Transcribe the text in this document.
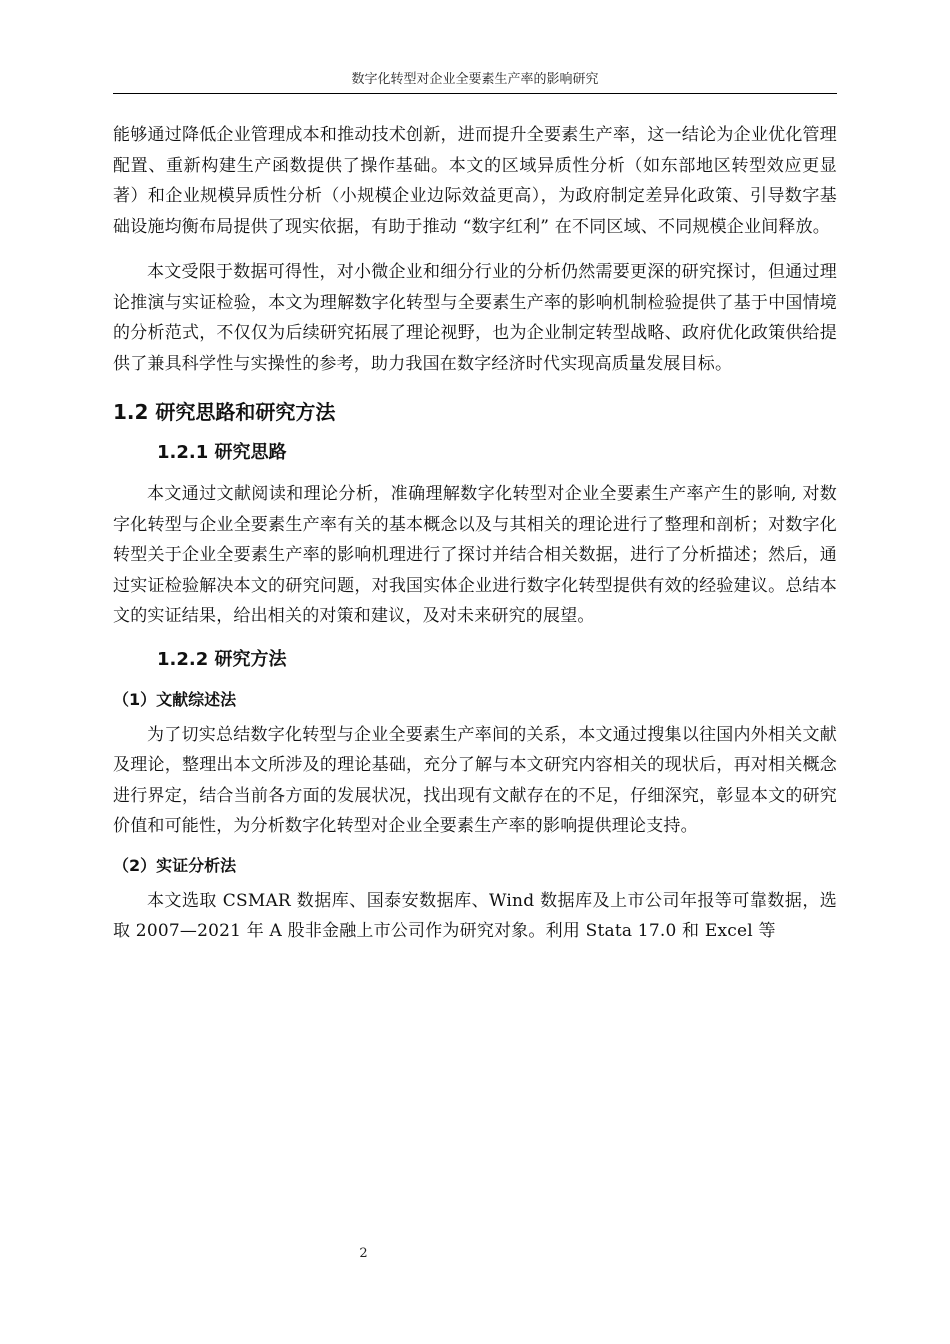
数字化转型对企业全要素生产率的影响研究

能够通过降低企业管理成本和推动技术创新，进而提升全要素生产率，这一结论为企业优化管理配置、重新构建生产函数提供了操作基础。本文的区域异质性分析（如东部地区转型效应更显著）和企业规模异质性分析（小规模企业边际效益更高），为政府制定差异化政策、引导数字基础设施均衡布局提供了现实依据，有助于推动 “数字红利” 在不同区域、不同规模企业间释放。

本文受限于数据可得性，对小微企业和细分行业的分析仍然需要更深的研究探讨，但通过理论推演与实证检验，本文为理解数字化转型与全要素生产率的影响机制检验提供了基于中国情境的分析范式，不仅仅为后续研究拓展了理论视野，也为企业制定转型战略、政府优化政策供给提供了兼具科学性与实操性的参考，助力我国在数字经济时代实现高质量发展目标。

1.2 研究思路和研究方法
1.2.1 研究思路

本文通过文献阅读和理论分析，准确理解数字化转型对企业全要素生产率产生的影响, 对数字化转型与企业全要素生产率有关的基本概念以及与其相关的理论进行了整理和剖析；对数字化转型关于企业全要素生产率的影响机理进行了探讨并结合相关数据，进行了分析描述；然后，通过实证检验解决本文的研究问题，对我国实体企业进行数字化转型提供有效的经验建议。总结本文的实证结果，给出相关的对策和建议，及对未来研究的展望。

1.2.2 研究方法
（1）文献综述法

为了切实总结数字化转型与企业全要素生产率间的关系，本文通过搜集以往国内外相关文献及理论，整理出本文所涉及的理论基础，充分了解与本文研究内容相关的现状后，再对相关概念进行界定，结合当前各方面的发展状况，找出现有文献存在的不足，仔细深究，彰显本文的研究价值和可能性，为分析数字化转型对企业全要素生产率的影响提供理论支持。

（2）实证分析法

本文选取 CSMAR 数据库、国泰安数据库、Wind 数据库及上市公司年报等可靠数据，选取 2007—2021 年 A 股非金融上市公司作为研究对象。利用 Stata 17.0 和 Excel 等

2
